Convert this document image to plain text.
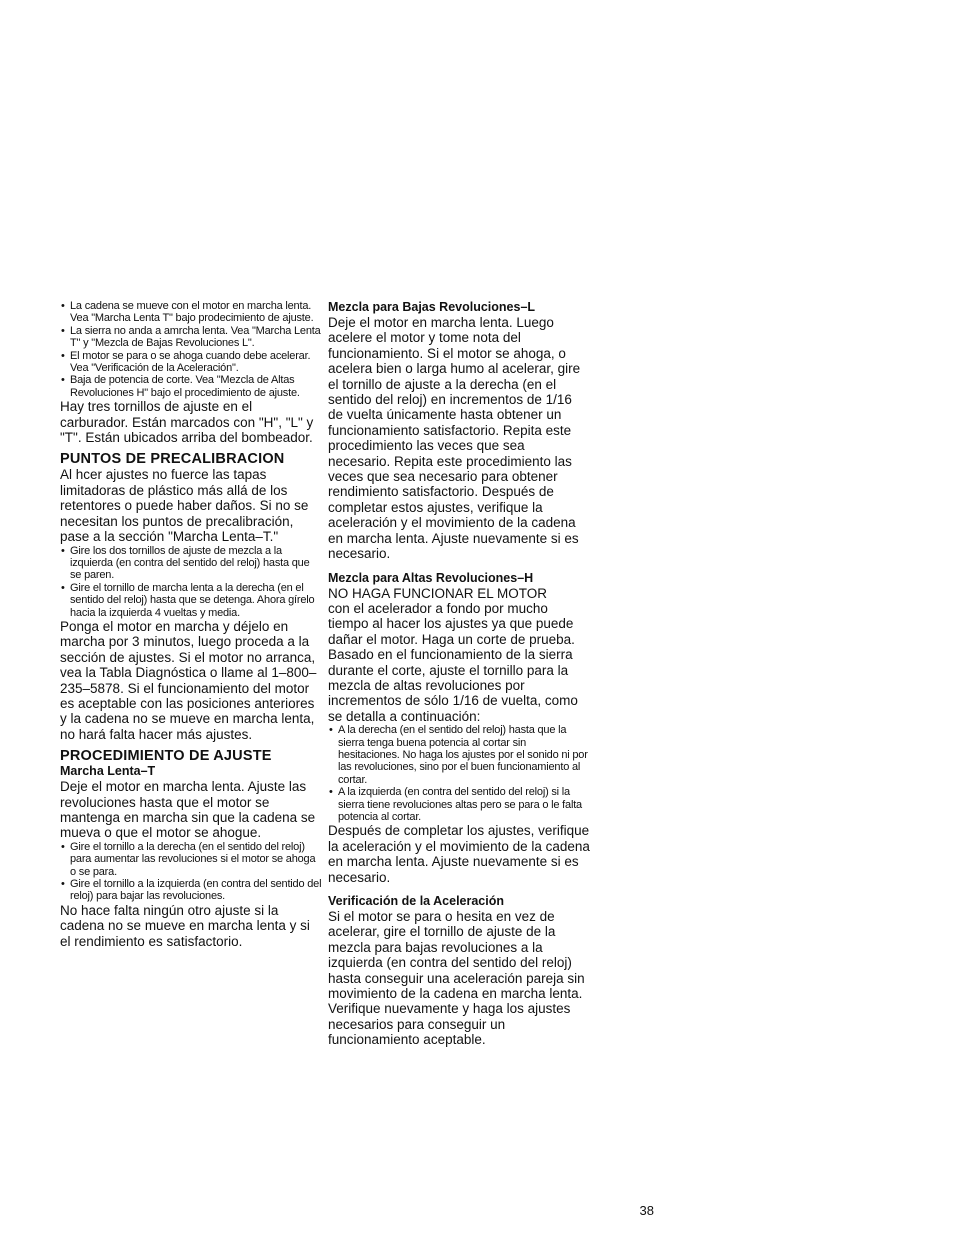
• La cadena se mueve con el motor en marcha lenta. Vea "Marcha Lenta T" bajo prodecimiento de ajuste.
• La sierra no anda a amrcha lenta. Vea "Marcha Lenta T" y "Mezcla de Bajas Revoluciones L".
• El motor se para o se ahoga cuando debe acelerar. Vea "Verificación de la Aceleración".
• Baja de potencia de corte. Vea "Mezcla de Altas Revoluciones H" bajo el procedimiento de ajuste.

Hay tres tornillos de ajuste en el carburador. Están marcados con "H", "L" y "T". Están ubicados arriba del bombeador.

PUNTOS DE PRECALIBRACION

Al hcer ajustes no fuerce las tapas limitadoras de plástico más allá de los retentores o puede haber daños. Si no se necesitan los puntos de precalibración, pase a la sección "Marcha Lenta–T."

• Gire los dos tornillos de ajuste de mezcla a la izquierda (en contra del sentido del reloj) hasta que se paren.
• Gire el tornillo de marcha lenta a la derecha (en el sentido del reloj) hasta que se detenga. Ahora gírelo hacia la izquierda 4 vueltas y media.

Ponga el motor en marcha y déjelo en marcha por 3 minutos, luego proceda a la sección de ajustes. Si el motor no arranca, vea la Tabla Diagnóstica o llame al 1–800–235–5878. Si el funcionamiento del motor es aceptable con las posiciones anteriores y la cadena no se mueve en marcha lenta, no hará falta hacer más ajustes.

PROCEDIMIENTO DE AJUSTE
Marcha Lenta–T

Deje el motor en marcha lenta. Ajuste las revoluciones hasta que el motor se mantenga en marcha sin que la cadena se mueva o que el motor se ahogue.

• Gire el tornillo a la derecha (en el sentido del reloj) para aumentar las revoluciones si el motor se ahoga o se para.
• Gire el tornillo a la izquierda (en contra del sentido del reloj) para bajar las revoluciones.

No hace falta ningún otro ajuste si la cadena no se mueve en marcha lenta y si el rendimiento es satisfactorio.

Mezcla para Bajas Revoluciones–L

Deje el motor en marcha lenta. Luego acelere el motor y tome nota del funcionamiento. Si el motor se ahoga, o acelera bien o larga humo al acelerar, gire el tornillo de ajuste a la derecha (en el sentido del reloj) en incrementos de 1/16 de vuelta únicamente hasta obtener un funcionamiento satisfactorio. Repita este procedimiento las veces que sea necesario. Repita este procedimiento las veces que sea necesario para obtener rendimiento satisfactorio. Después de completar estos ajustes, verifique la aceleración y el movimiento de la cadena en marcha lenta. Ajuste nuevamente si es necesario.

Mezcla para Altas Revoluciones–H

NO HAGA FUNCIONAR EL MOTOR

con el acelerador a fondo por mucho tiempo al hacer los ajustes ya que puede dañar el motor. Haga un corte de prueba. Basado en el funcionamiento de la sierra durante el corte, ajuste el tornillo para la mezcla de altas revoluciones por incrementos de sólo 1/16 de vuelta, como se detalla a continuación:

• A la derecha (en el sentido del reloj) hasta que la sierra tenga buena potencia al cortar sin hesitaciones. No haga los ajustes por el sonido ni por las revoluciones, sino por el buen funcionamiento al cortar.
• A la izquierda (en contra del sentido del reloj) si la sierra tiene revoluciones altas pero se para o le falta potencia al cortar.

Después de completar los ajustes, verifique la aceleración y el movimiento de la cadena en marcha lenta. Ajuste nuevamente si es necesario.

Verificación de la Aceleración

Si el motor se para o hesita en vez de acelerar, gire el tornillo de ajuste de la mezcla para bajas revoluciones a la izquierda (en contra del sentido del reloj) hasta conseguir una aceleración pareja sin movimiento de la cadena en marcha lenta. Verifique nuevamente y haga los ajustes necesarios para conseguir un funcionamiento aceptable.

38
